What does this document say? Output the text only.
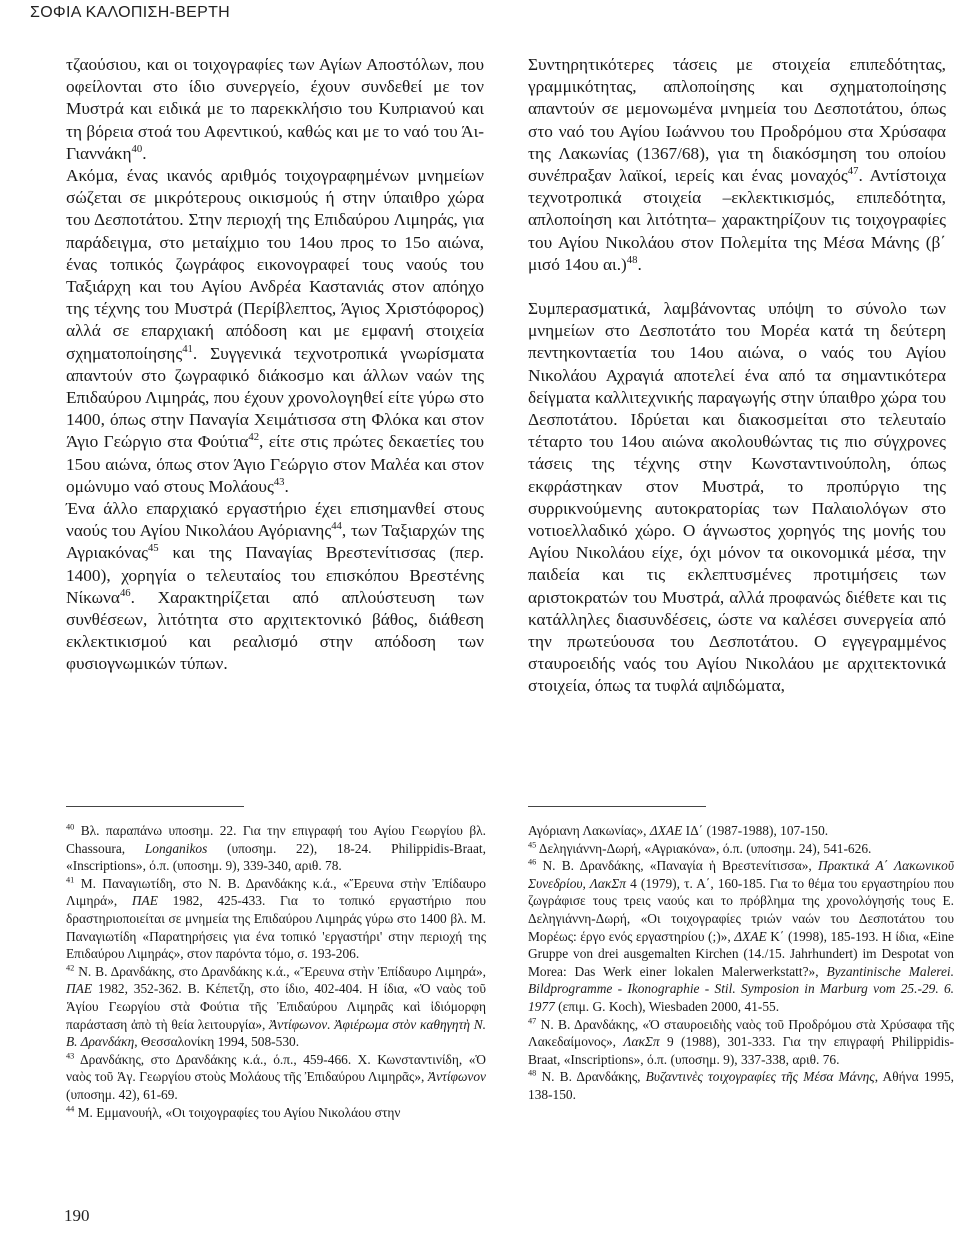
ΣΟΦΙΑ ΚΑΛΟΠΙΣΗ-ΒΕΡΤΗ

τζαούσιου, και οι τοιχογραφίες των Αγίων Αποστόλων, που οφείλονται στο ίδιο συνεργείο, έχουν συνδεθεί με τον Μυστρά και ειδικά με το παρεκκλήσιο του Κυπριανού και τη βόρεια στοά του Αφεντικού, καθώς και με το ναό του Άι-Γιαννάκη$^{40}$.

Ακόμα, ένας ικανός αριθμός τοιχογραφημένων μνημείων σώζεται σε μικρότερους οικισμούς ή στην ύπαιθρο χώρα του Δεσποτάτου. Στην περιοχή της Επιδαύρου Λιμηράς, για παράδειγμα, στο μεταίχμιο του 14ου προς το 15ο αιώνα, ένας τοπικός ζωγράφος εικονογραφεί τους ναούς του Ταξιάρχη και του Αγίου Ανδρέα Καστανιάς στον απόηχο της τέχνης του Μυστρά (Περίβλεπτος, Άγιος Χριστόφορος) αλλά σε επαρχιακή απόδοση και με εμφανή στοιχεία σχηματοποίησης$^{41}$. Συγγενικά τεχνοτροπικά γνωρίσματα απαντούν στο ζωγραφικό διάκοσμο και άλλων ναών της Επιδαύρου Λιμηράς, που έχουν χρονολογηθεί είτε γύρω στο 1400, όπως στην Παναγία Χειμάτισσα στη Φλόκα και στον Άγιο Γεώργιο στα Φούτια$^{42}$, είτε στις πρώτες δεκαετίες του 15ου αιώνα, όπως στον Άγιο Γεώργιο στον Μαλέα και στον ομώνυμο ναό στους Μολάους$^{43}$.

Ένα άλλο επαρχιακό εργαστήριο έχει επισημανθεί στους ναούς του Αγίου Νικολάου Αγόριανης$^{44}$, των Ταξιαρχών της Αγριακόνας$^{45}$ και της Παναγίας Βρεστενίτισσας (περ. 1400), χορηγία ο τελευταίος του επισκόπου Βρεστένης Νίκωνα$^{46}$. Χαρακτηρίζεται από απλούστευση των συνθέσεων, λιτότητα στο αρχιτεκτονικό βάθος, διάθεση εκλεκτικισμού και ρεαλισμό στην απόδοση των φυσιογνωμικών τύπων.

Συντηρητικότερες τάσεις με στοιχεία επιπεδότητας, γραμμικότητας, απλοποίησης και σχηματοποίησης απαντούν σε μεμονωμένα μνημεία του Δεσποτάτου, όπως στο ναό του Αγίου Ιωάννου του Προδρόμου στα Χρύσαφα της Λακωνίας (1367/68), για τη διακόσμηση του οποίου συνέπραξαν λαϊκοί, ιερείς και ένας μοναχός$^{47}$. Αντίστοιχα τεχνοτροπικά στοιχεία –εκλεκτικισμός, επιπεδότητα, απλοποίηση και λιτότητα– χαρακτηρίζουν τις τοιχογραφίες του Αγίου Νικολάου στον Πολεμίτα της Μέσα Μάνης (β΄ μισό 14ου αι.)$^{48}$.

Συμπερασματικά, λαμβάνοντας υπόψη το σύνολο των μνημείων στο Δεσποτάτο του Μορέα κατά τη δεύτερη πεντηκονταετία του 14ου αιώνα, ο ναός του Αγίου Νικολάου Αχραγιά αποτελεί ένα από τα σημαντικότερα δείγματα καλλιτεχνικής παραγωγής στην ύπαιθρο χώρα του Δεσποτάτου. Ιδρύεται και διακοσμείται στο τελευταίο τέταρτο του 14ου αιώνα ακολουθώντας τις πιο σύγχρονες τάσεις της τέχνης στην Κωνσταντινούπολη, όπως εκφράστηκαν στον Μυστρά, το προπύργιο της συρρικνούμενης αυτοκρατορίας των Παλαιολόγων στο νοτιοελλαδικό χώρο. Ο άγνωστος χορηγός της μονής του Αγίου Νικολάου είχε, όχι μόνον τα οικονομικά μέσα, την παιδεία και τις εκλεπτυσμένες προτιμήσεις των αριστοκρατών του Μυστρά, αλλά προφανώς διέθετε και τις κατάλληλες διασυνδέσεις, ώστε να καλέσει συνεργεία από την πρωτεύουσα του Δεσποτάτου. Ο εγγεγραμμένος σταυροειδής ναός του Αγίου Νικολάου με αρχιτεκτονικά στοιχεία, όπως τα τυφλά αψιδώματα,

$^{40}$ Βλ. παραπάνω υποσημ. 22. Για την επιγραφή του Αγίου Γεωργίου βλ. Chassoura, Longanikos (υποσημ. 22), 18-24. Philippidis-Braat, «Inscriptions», ό.π. (υποσημ. 9), 339-340, αριθ. 78.

$^{41}$ Μ. Παναγιωτίδη, στο Ν. Β. Δρανδάκης κ.ά., «Ἔρευνα στὴν Ἐπίδαυρο Λιμηρά», ΠΑΕ 1982, 425-433. Για το τοπικό εργαστήριο που δραστηριοποιείται σε μνημεία της Επιδαύρου Λιμηράς γύρω στο 1400 βλ. Μ. Παναγιωτίδη «Παρατηρήσεις για ένα τοπικό 'εργαστήρι' στην περιοχή της Επιδαύρου Λιμηράς», στον παρόντα τόμο, σ. 193-206.

$^{42}$ Ν. Β. Δρανδάκης, στο Δρανδάκης κ.ά., «Ἔρευνα στὴν Ἐπίδαυρο Λιμηρά», ΠΑΕ 1982, 352-362. Β. Κέπετζη, στο ίδιο, 402-404. Η ίδια, «Ὁ ναὸς τοῦ Ἁγίου Γεωργίου στὰ Φούτια τῆς Ἐπιδαύρου Λιμηρᾶς καὶ ἰδιόμορφη παράσταση ἀπὸ τὴ θεία λειτουργία», Ἀντίφωνον. Ἀφιέρωμα στὸν καθηγητὴ Ν. Β. Δρανδάκη, Θεσσαλονίκη 1994, 508-530.

$^{43}$ Δρανδάκης, στο Δρανδάκης κ.ά., ό.π., 459-466. Χ. Κωνσταντινίδη, «Ὁ ναὸς τοῦ Ἁγ. Γεωργίου στοὺς Μολάους τῆς Ἐπιδαύρου Λιμηρᾶς», Ἀντίφωνον (υποσημ. 42), 61-69.

$^{44}$ Μ. Εμμανουήλ, «Οι τοιχογραφίες του Αγίου Νικολάου στην

Αγόριανη Λακωνίας», ΔΧΑΕ ΙΔ΄ (1987-1988), 107-150.

$^{45}$ Δεληγιάννη-Δωρή, «Αγριακόνα», ό.π. (υποσημ. 24), 541-626.

$^{46}$ Ν. Β. Δρανδάκης, «Παναγία ἡ Βρεστενίτισσα», Πρακτικά Α΄ Λακωνικοῦ Συνεδρίου, ΛακΣπ 4 (1979), τ. Α΄, 160-185. Για το θέμα του εργαστηρίου που ζωγράφισε τους τρεις ναούς και το πρόβλημα της χρονολόγησής τους Ε. Δεληγιάννη-Δωρή, «Οι τοιχογραφίες τριών ναών του Δεσποτάτου του Μορέως: έργο ενός εργαστηρίου (;)», ΔΧΑΕ Κ΄ (1998), 185-193. Η ίδια, «Eine Gruppe von drei ausgemalten Kirchen (14./15. Jahrhundert) im Despotat von Morea: Das Werk einer lokalen Malerwerkstatt?», Byzantinische Malerei. Bildprogramme - Ikonographie - Stil. Symposion in Marburg vom 25.-29. 6. 1977 (επιμ. G. Koch), Wiesbaden 2000, 41-55.

$^{47}$ Ν. Β. Δρανδάκης, «Ὁ σταυροειδὴς ναὸς τοῦ Προδρόμου στὰ Χρύσαφα τῆς Λακεδαίμονος», ΛακΣπ 9 (1988), 301-333. Για την επιγραφή Philippidis-Braat, «Inscriptions», ό.π. (υποσημ. 9), 337-338, αριθ. 76.

$^{48}$ Ν. Β. Δρανδάκης, Βυζαντινὲς τοιχογραφίες τῆς Μέσα Μάνης, Αθήνα 1995, 138-150.

190
